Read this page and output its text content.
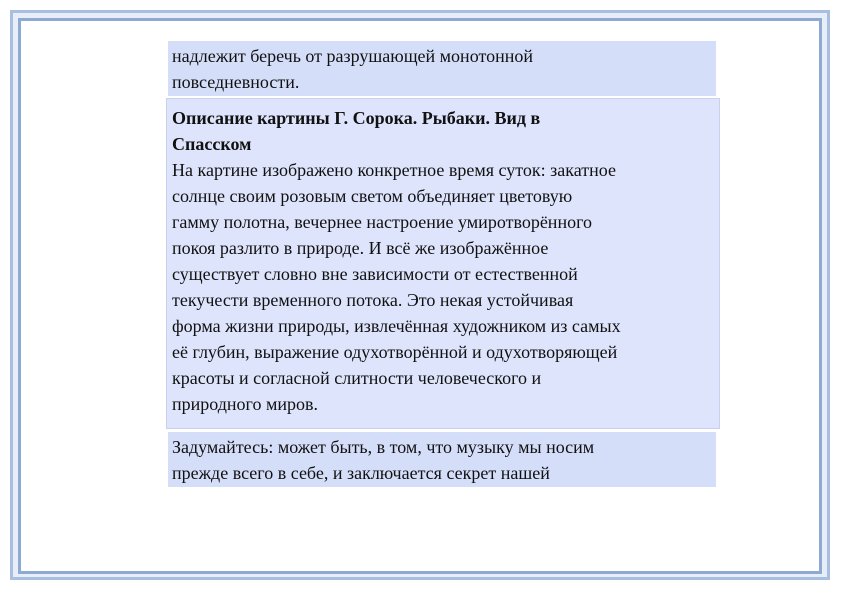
надлежит беречь от разрушающей монотонной
повседневности.
Описание картины Г. Сорока. Рыбаки. Вид в
Спасском
На картине изображено конкретное время суток: закатное
солнце своим розовым светом объединяет цветовую
гамму полотна, вечернее настроение умиротворённого
покоя разлито в природе. И всё же изображённое
существует словно вне зависимости от естественной
текучести временного потока. Это некая устойчивая
форма жизни природы, извлечённая художником из самых
её глубин, выражение одухотворённой и одухотворяющей
красоты и согласной слитности человеческого и
природного миров.
Задумайтесь: может быть, в том, что музыку мы носим
прежде всего в себе, и заключается секрет нашей
